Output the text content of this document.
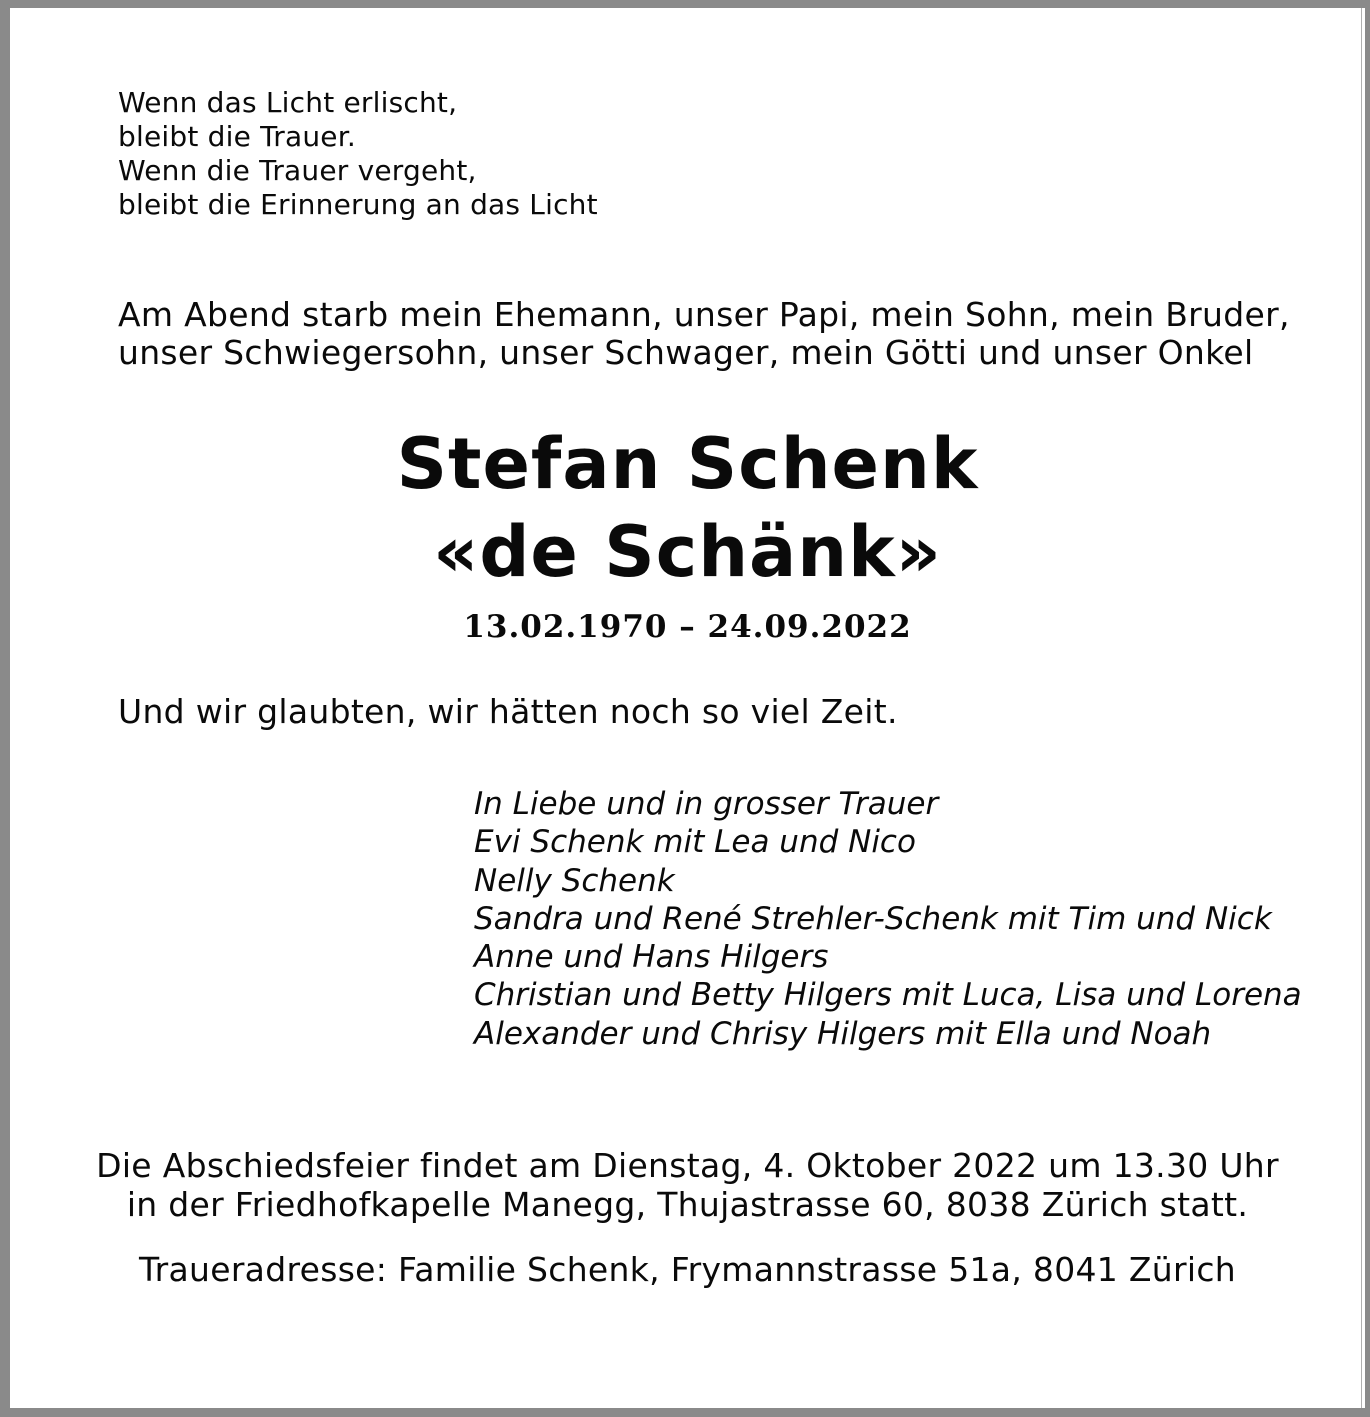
Wenn das Licht erlischt,
bleibt die Trauer.
Wenn die Trauer vergeht,
bleibt die Erinnerung an das Licht
Am Abend starb mein Ehemann, unser Papi, mein Sohn, mein Bruder,
unser Schwiegersohn, unser Schwager, mein Götti und unser Onkel
Stefan Schenk
«de Schänk»
13.02.1970 – 24.09.2022
Und wir glaubten, wir hätten noch so viel Zeit.
In Liebe und in grosser Trauer
Evi Schenk mit Lea und Nico
Nelly Schenk
Sandra und René Strehler-Schenk mit Tim und Nick
Anne und Hans Hilgers
Christian und Betty Hilgers mit Luca, Lisa und Lorena
Alexander und Chrisy Hilgers mit Ella und Noah
Die Abschiedsfeier findet am Dienstag, 4. Oktober 2022 um 13.30 Uhr
in der Friedhofkapelle Manegg, Thujastrasse 60, 8038 Zürich statt.
Traueradresse: Familie Schenk, Frymannstrasse 51a, 8041 Zürich
